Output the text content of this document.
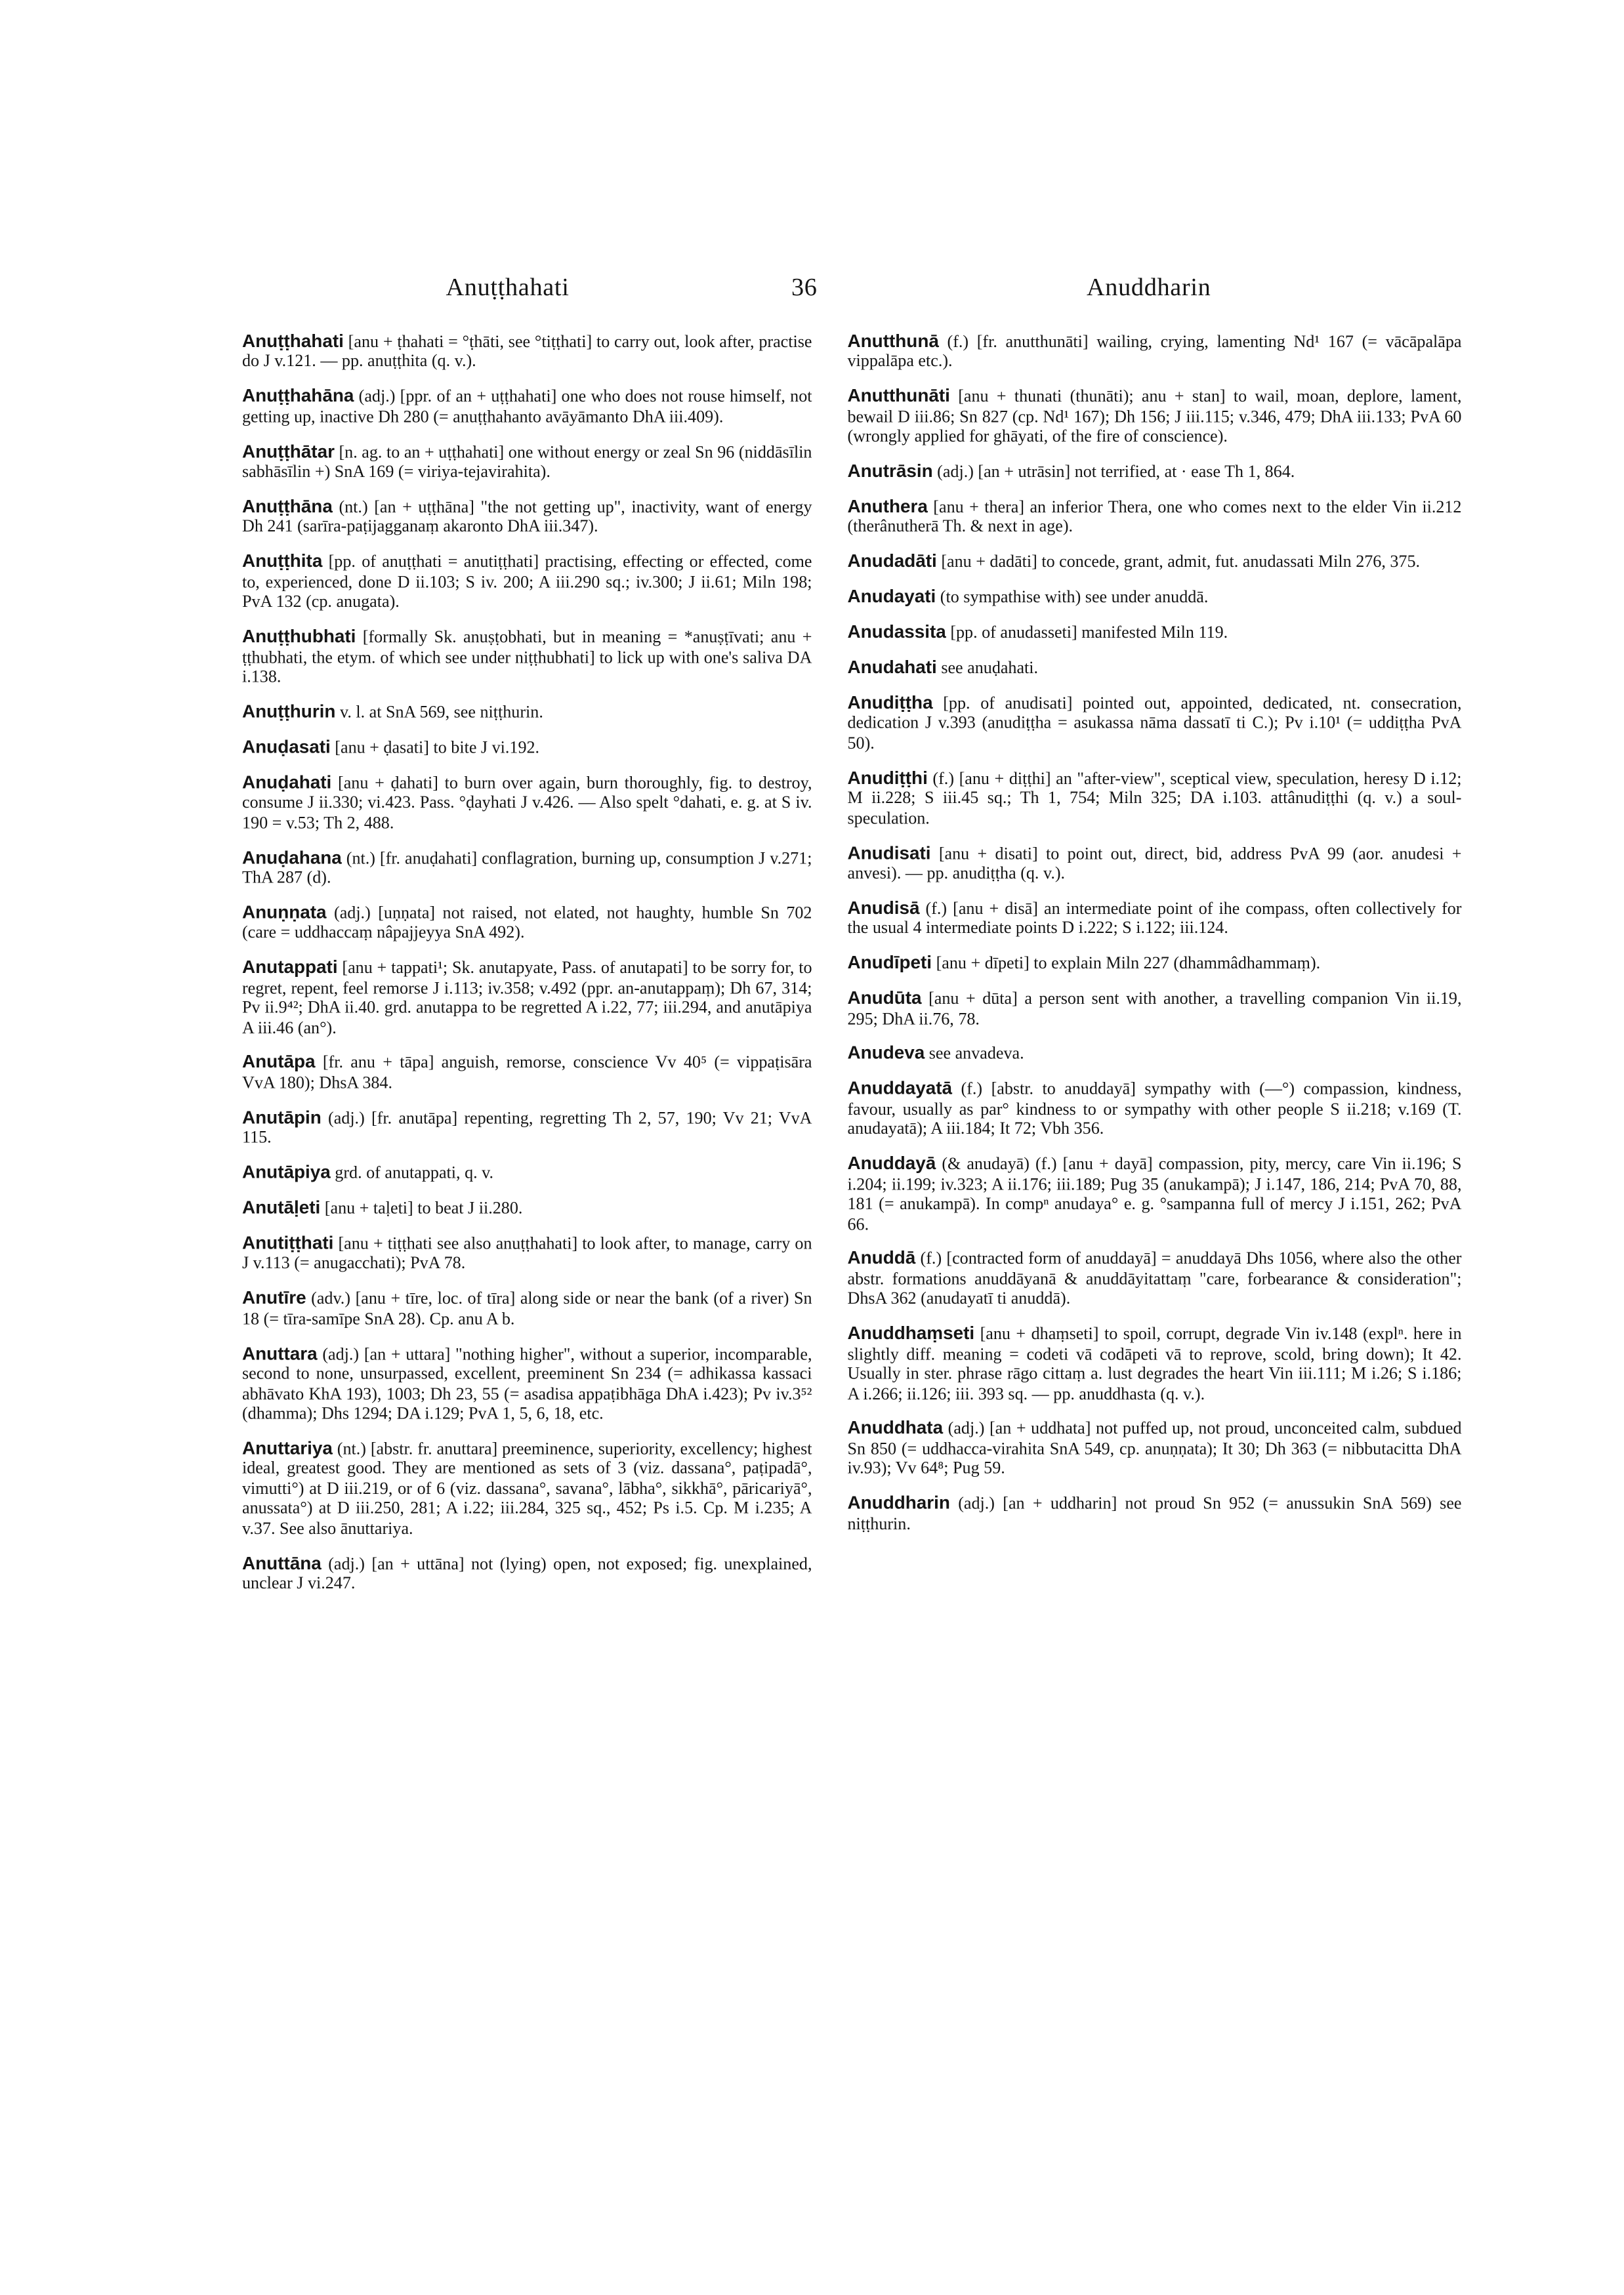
Anuṭṭhahati	36	Anuddharin

Anuṭṭhahati [anu + ṭhahati = °ṭhāti, see °tiṭṭhati] to carry out, look after, practise do J v.121. — pp. anuṭṭhita (q. v.).

Anuṭṭhahāna (adj.) [ppr. of an + uṭṭhahati] one who does not rouse himself, not getting up, inactive Dh 280 (= anuṭṭhahanto avāyāmanto DhA iii.409).

Anuṭṭhātar [n. ag. to an + uṭṭhahati] one without energy or zeal Sn 96 (niddāsīlin sabhāsīlin +) SnA 169 (= viriya-tejavirahita).

Anuṭṭhāna (nt.) [an + uṭṭhāna] "the not getting up", inactivity, want of energy Dh 241 (sarīra-paṭijagganaṃ akaronto DhA iii.347).

Anuṭṭhita [pp. of anuṭṭhati = anutiṭṭhati] practising, effecting or effected, come to, experienced, done D ii.103; S iv. 200; A iii.290 sq.; iv.300; J ii.61; Miln 198; PvA 132 (cp. anugata).

Anuṭṭhubhati [formally Sk. anuṣṭobhati, but in meaning = *anuṣṭīvati; anu + ṭṭhubhati, the etym. of which see under niṭṭhubhati] to lick up with one's saliva DA i.138.

Anuṭṭhurin v. l. at SnA 569, see niṭṭhurin.

Anuḍasati [anu + ḍasati] to bite J vi.192.

Anuḍahati [anu + ḍahati] to burn over again, burn thoroughly, fig. to destroy, consume J ii.330; vi.423. Pass. °ḍayhati J v.426. — Also spelt °dahati, e. g. at S iv. 190 = v.53; Th 2, 488.

Anuḍahana (nt.) [fr. anuḍahati] conflagration, burning up, consumption J v.271; ThA 287 (d).

Anuṇṇata (adj.) [uṇṇata] not raised, not elated, not haughty, humble Sn 702 (care = uddhaccaṃ nâpajjeyya SnA 492).

Anutappati [anu + tappati¹; Sk. anutapyate, Pass. of anutapati] to be sorry for, to regret, repent, feel remorse J i.113; iv.358; v.492 (ppr. an-anutappaṃ); Dh 67, 314; Pv ii.9⁴²; DhA ii.40. grd. anutappa to be regretted A i.22, 77; iii.294, and anutāpiya A iii.46 (an°).

Anutāpa [fr. anu + tāpa] anguish, remorse, conscience Vv 40⁵ (= vippaṭisāra VvA 180); DhsA 384.

Anutāpin (adj.) [fr. anutāpa] repenting, regretting Th 2, 57, 190; Vv 21; VvA 115.

Anutāpiya grd. of anutappati, q. v.

Anutāḷeti [anu + taḷeti] to beat J ii.280.

Anutiṭṭhati [anu + tiṭṭhati see also anuṭṭhahati] to look after, to manage, carry on J v.113 (= anugacchati); PvA 78.

Anutīre (adv.) [anu + tīre, loc. of tīra] along side or near the bank (of a river) Sn 18 (= tīra-samīpe SnA 28). Cp. anu A b.

Anuttara (adj.) [an + uttara] "nothing higher", without a superior, incomparable, second to none, unsurpassed, excellent, preeminent Sn 234 (= adhikassa kassaci abhāvato KhA 193), 1003; Dh 23, 55 (= asadisa appaṭibhāga DhA i.423); Pv iv.3⁵² (dhamma); Dhs 1294; DA i.129; PvA 1, 5, 6, 18, etc.

Anuttariya (nt.) [abstr. fr. anuttara] preeminence, superiority, excellency; highest ideal, greatest good. They are mentioned as sets of 3 (viz. dassana°, paṭipadā°, vimutti°) at D iii.219, or of 6 (viz. dassana°, savana°, lābha°, sikkhā°, pāricariyā°, anussata°) at D iii.250, 281; A i.22; iii.284, 325 sq., 452; Ps i.5. Cp. M i.235; A v.37. See also ānuttariya.

Anuttāna (adj.) [an + uttāna] not (lying) open, not exposed; fig. unexplained, unclear J vi.247.

Anutthunā (f.) [fr. anutthunāti] wailing, crying, lamenting Nd¹ 167 (= vācāpalāpa vippalāpa etc.).

Anutthunāti [anu + thunati (thunāti); anu + stan] to wail, moan, deplore, lament, bewail D iii.86; Sn 827 (cp. Nd¹ 167); Dh 156; J iii.115; v.346, 479; DhA iii.133; PvA 60 (wrongly applied for ghāyati, of the fire of conscience).

Anutrāsin (adj.) [an + utrāsin] not terrified, at · ease Th 1, 864.

Anuthera [anu + thera] an inferior Thera, one who comes next to the elder Vin ii.212 (therânutherā Th. & next in age).

Anudadāti [anu + dadāti] to concede, grant, admit, fut. anudassati Miln 276, 375.

Anudayati (to sympathise with) see under anuddā.

Anudassita [pp. of anudasseti] manifested Miln 119.

Anudahati see anuḍahati.

Anudiṭṭha [pp. of anudisati] pointed out, appointed, dedicated, nt. consecration, dedication J v.393 (anudiṭṭha = asukassa nāma dassatī ti C.); Pv i.10¹ (= uddiṭṭha PvA 50).

Anudiṭṭhi (f.) [anu + diṭṭhi] an "after-view", sceptical view, speculation, heresy D i.12; M ii.228; S iii.45 sq.; Th 1, 754; Miln 325; DA i.103. attânudiṭṭhi (q. v.) a soul-speculation.

Anudisati [anu + disati] to point out, direct, bid, address PvA 99 (aor. anudesi + anvesi). — pp. anudiṭṭha (q. v.).

Anudisā (f.) [anu + disā] an intermediate point of ihe compass, often collectively for the usual 4 intermediate points D i.222; S i.122; iii.124.

Anudīpeti [anu + dīpeti] to explain Miln 227 (dhammâdhammaṃ).

Anudūta [anu + dūta] a person sent with another, a travelling companion Vin ii.19, 295; DhA ii.76, 78.

Anudeva see anvadeva.

Anuddayatā (f.) [abstr. to anuddayā] sympathy with (—°) compassion, kindness, favour, usually as par° kindness to or sympathy with other people S ii.218; v.169 (T. anudayatā); A iii.184; It 72; Vbh 356.

Anuddayā (& anudayā) (f.) [anu + dayā] compassion, pity, mercy, care Vin ii.196; S i.204; ii.199; iv.323; A ii.176; iii.189; Pug 35 (anukampā); J i.147, 186, 214; PvA 70, 88, 181 (= anukampā). In compⁿ anudaya° e. g. °sampanna full of mercy J i.151, 262; PvA 66.

Anuddā (f.) [contracted form of anuddayā] = anuddayā Dhs 1056, where also the other abstr. formations anuddāyanā & anuddāyitattaṃ "care, forbearance & consideration"; DhsA 362 (anudayatī ti anuddā).

Anuddhaṃseti [anu + dhaṃseti] to spoil, corrupt, degrade Vin iv.148 (explⁿ. here in slightly diff. meaning = codeti vā codāpeti vā to reprove, scold, bring down); It 42. Usually in ster. phrase rāgo cittaṃ a. lust degrades the heart Vin iii.111; M i.26; S i.186; A i.266; ii.126; iii. 393 sq. — pp. anuddhasta (q. v.).

Anuddhata (adj.) [an + uddhata] not puffed up, not proud, unconceited calm, subdued Sn 850 (= uddhacca-virahita SnA 549, cp. anuṇṇata); It 30; Dh 363 (= nibbutacitta DhA iv.93); Vv 64⁸; Pug 59.

Anuddharin (adj.) [an + uddharin] not proud Sn 952 (= anussukin SnA 569) see niṭṭhurin.
